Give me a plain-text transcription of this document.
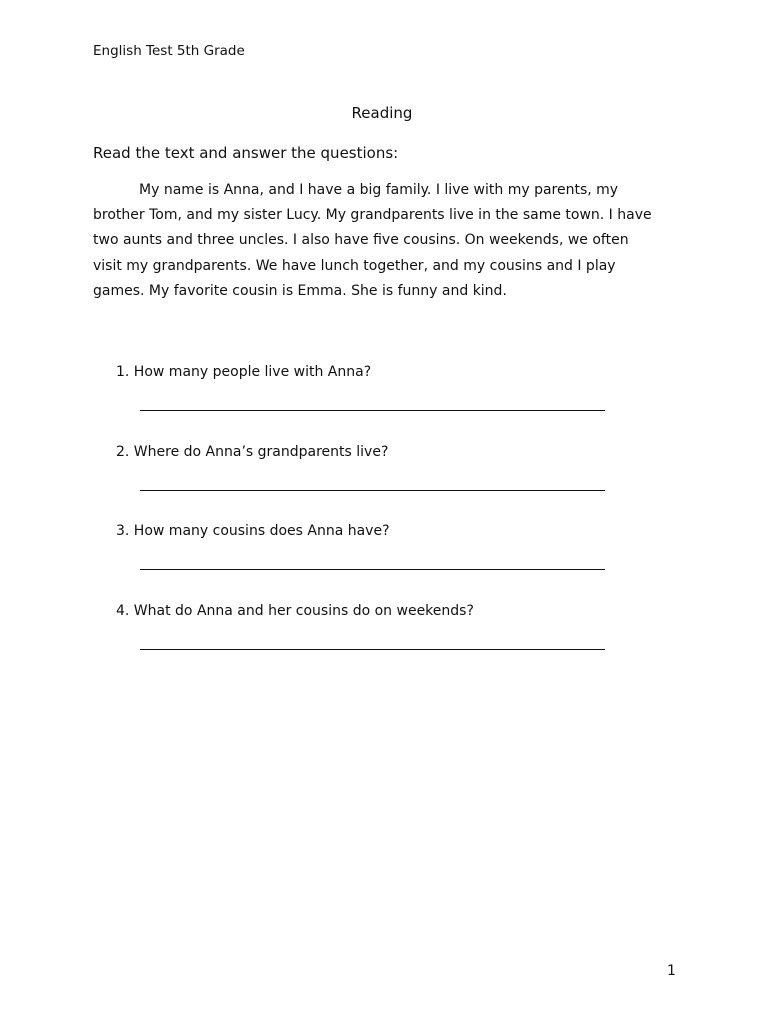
English Test 5th Grade
Reading
Read the text and answer the questions:

My name is Anna, and I have a big family. I live with my parents, my brother Tom, and my sister Lucy. My grandparents live in the same town. I have two aunts and three uncles. I also have five cousins. On weekends, we often visit my grandparents. We have lunch together, and my cousins and I play games. My favorite cousin is Emma. She is funny and kind.

1. How many people live with Anna?
2. Where do Anna’s grandparents live?
3. How many cousins does Anna have?
4. What do Anna and her cousins do on weekends?
1
